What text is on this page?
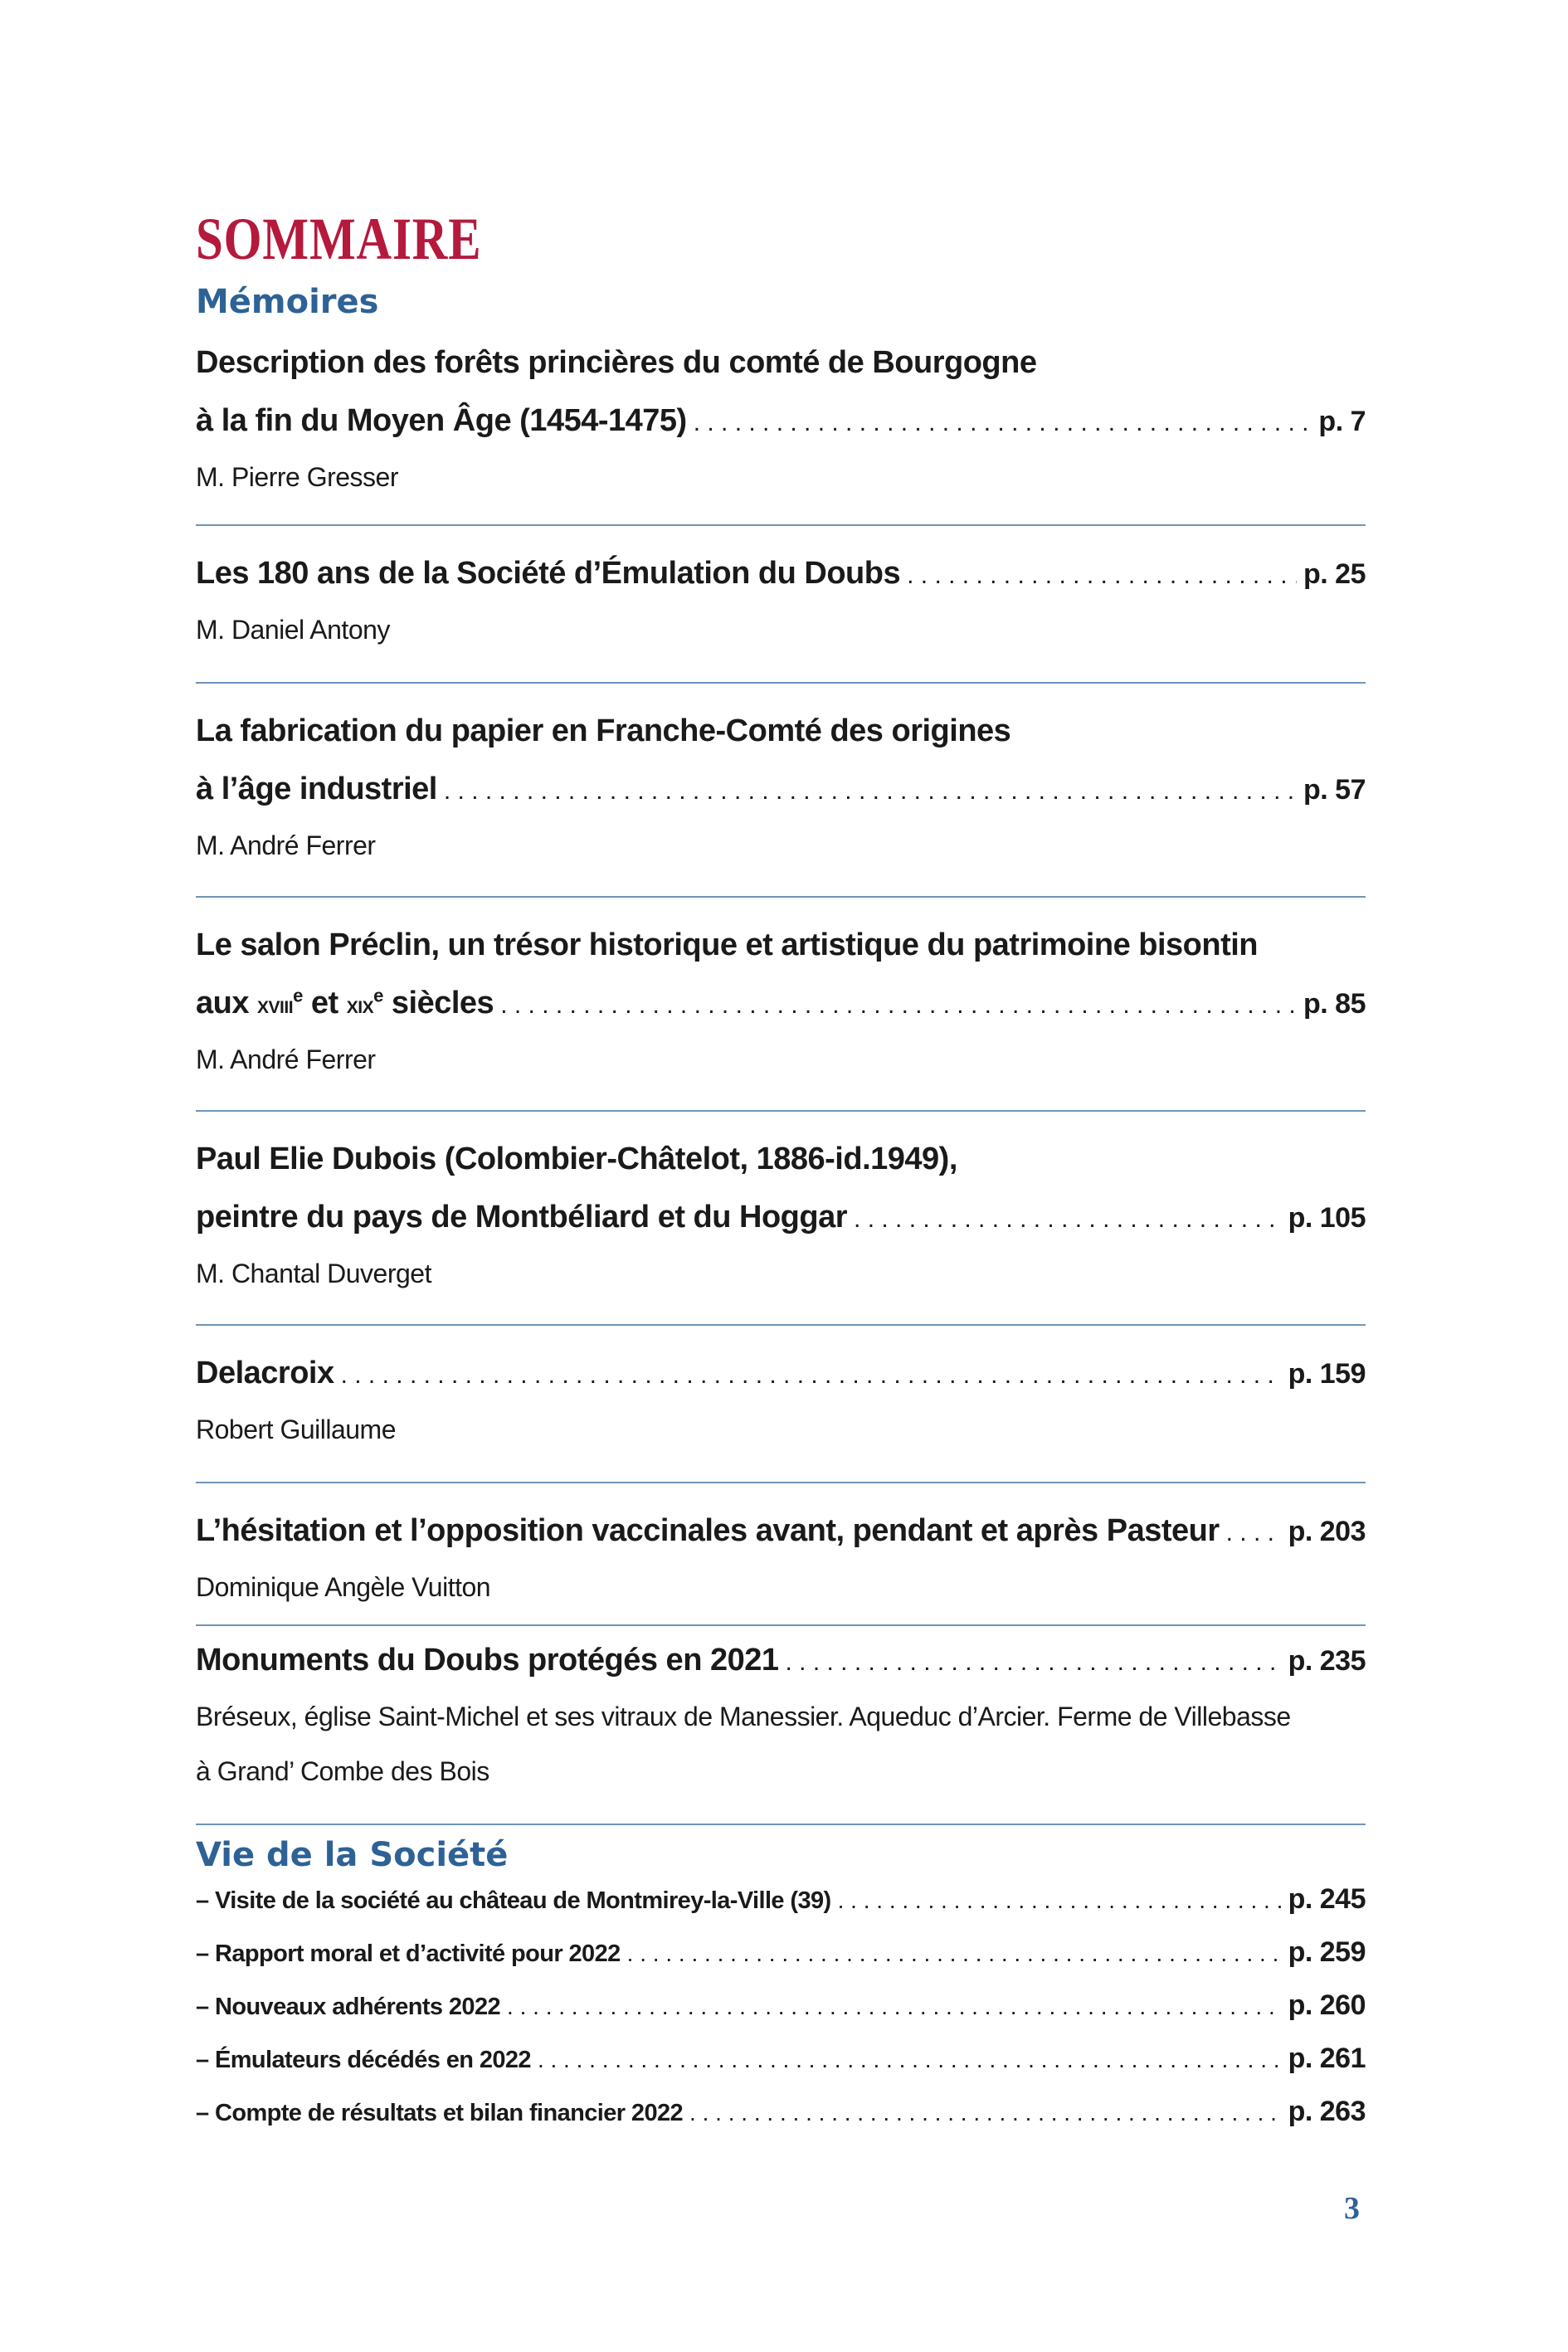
SOMMAIRE
Mémoires
Description des forêts princières du comté de Bourgogne
à la fin du Moyen Âge (1454-1475) . . .	p. 7
M. Pierre Gresser
Les 180 ans de la Société d’Émulation du Doubs . . .	p. 25
M. Daniel Antony
La fabrication du papier en Franche-Comté des origines
à l’âge industriel . . .	p. 57
M. André Ferrer
Le salon Préclin, un trésor historique et artistique du patrimoine bisontin
aux xviii$^e$ et xix$^e$ siècles . . .	p. 85
M. André Ferrer
Paul Elie Dubois (Colombier-Châtelot, 1886-id.1949),
peintre du pays de Montbéliard et du Hoggar . . .	p. 105
M. Chantal Duverget
Delacroix . . .	p. 159
Robert Guillaume
L’hésitation et l’opposition vaccinales avant, pendant et après Pasteur . . . p. 203
Dominique Angèle Vuitton
Monuments du Doubs protégés en 2021 . . .	p. 235
Bréseux, église Saint-Michel et ses vitraux de Manessier. Aqueduc d’Arcier. Ferme de Villebasse
à Grand’ Combe des Bois
Vie de la Société
– Visite de la société au château de Montmirey-la-Ville (39) . . .	p. 245
– Rapport moral et d’activité pour 2022 . . .	p. 259
– Nouveaux adhérents 2022 . . .	p. 260
– Émulateurs décédés en 2022 . . .	p. 261
– Compte de résultats et bilan financier 2022 . . .	p. 263
3
